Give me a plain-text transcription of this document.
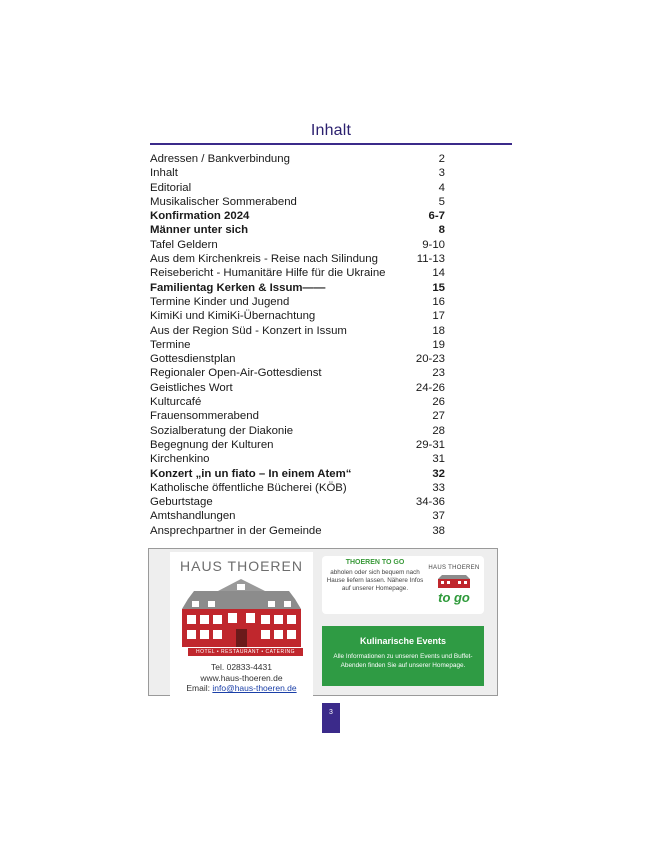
Inhalt
Adressen / Bankverbindung	2
Inhalt	3
Editorial	4
Musikalischer Sommerabend	5
Konfirmation 2024	6-7
Männer unter sich	8
Tafel Geldern	9-10
Aus dem Kirchenkreis - Reise nach Silindung	11-13
Reisebericht - Humanitäre Hilfe für die Ukraine	14
Familientag Kerken & Issum——	15
Termine Kinder und Jugend	16
KimiKi und KimiKi-Übernachtung	17
Aus der Region Süd - Konzert in Issum	18
Termine	19
Gottesdienstplan	20-23
Regionaler Open-Air-Gottesdienst	23
Geistliches Wort	24-26
Kulturcafé	26
Frauensommerabend	27
Sozialberatung der Diakonie	28
Begegnung der Kulturen	29-31
Kirchenkino	31
Konzert „in un fiato – In einem Atem“	32
Katholische öffentliche Bücherei (KÖB)	33
Geburtstage	34-36
Amtshandlungen	37
Ansprechpartner in der Gemeinde	38
HAUS THOEREN
HOTEL • RESTAURANT • CATERING
Tel. 02833-4431
www.haus-thoeren.de
Email: info@haus-thoeren.de
THOEREN TO GO
abholen oder sich bequem nach Hause liefern lassen. Nähere Infos auf unserer Homepage.
HAUS THOEREN
to go
Kulinarische Events
Alle Informationen zu unseren Events und Buffet-Abenden finden Sie auf unserer Homepage.
3
